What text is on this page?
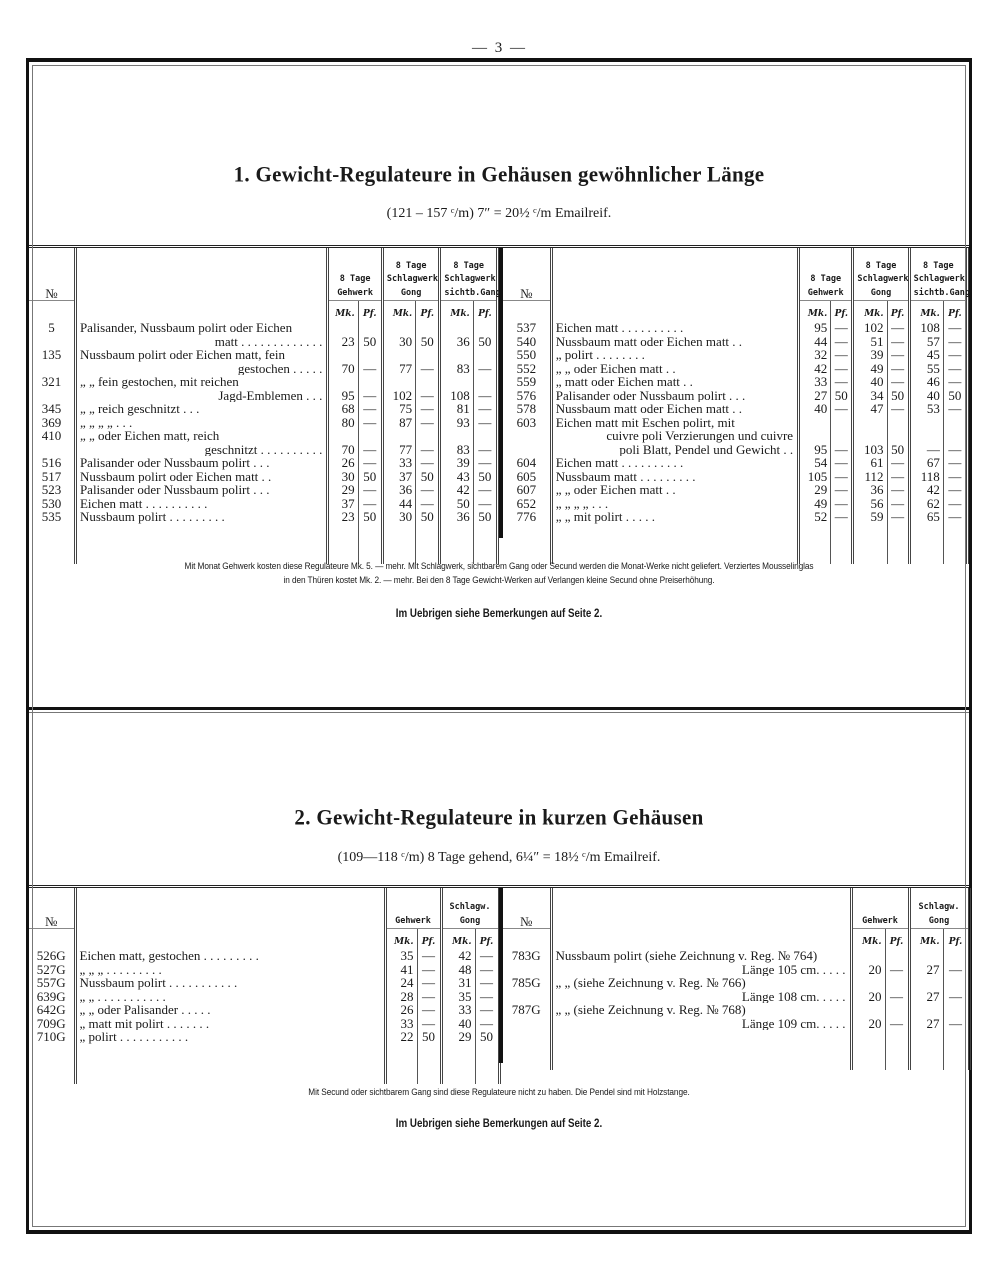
— 3 —
1. Gewicht-Regulateure in Gehäusen gewöhnlicher Länge
(121 – 157 ᶜ/m) 7″ = 20½ ᶜ/m Emailreif.
№		8 Tage Gehwerk		8 Tage Schlagwerk Gong		8 Tage Schlagwerk sichtb.Gang	
		Mk.	Pf.	Mk.	Pf.	Mk.	Pf.
5	Palisander, Nussbaum polirt oder Eichen						
	matt . . . . . . . . . . . . .	23	50	30	50	36	50
135	Nussbaum polirt oder Eichen matt, fein						
	gestochen . . . . .	70	—	77	—	83	—
321	„ „ fein gestochen, mit reichen						
	Jagd-Emblemen . . .	95	—	102	—	108	—
345	„ „ reich geschnitzt . . .	68	—	75	—	81	—
369	„ „ „ „ . . .	80	—	87	—	93	—
410	„ „ oder Eichen matt, reich						
	geschnitzt . . . . . . . . . .	70	—	77	—	83	—
516	Palisander oder Nussbaum polirt . . .	26	—	33	—	39	—
517	Nussbaum polirt oder Eichen matt . .	30	50	37	50	43	50
523	Palisander oder Nussbaum polirt . . .	29	—	36	—	42	—
530	Eichen matt . . . . . . . . . .	37	—	44	—	50	—
535	Nussbaum polirt . . . . . . . . .	23	50	30	50	36	50

№		8 Tage Gehwerk		8 Tage Schlagwerk Gong		8 Tage Schlagwerk sichtb.Gang	
		Mk.	Pf.	Mk.	Pf.	Mk.	Pf.
537	Eichen matt . . . . . . . . . .	95	—	102	—	108	—
540	Nussbaum matt oder Eichen matt . .	44	—	51	—	57	—
550	„ polirt . . . . . . . .	32	—	39	—	45	—
552	„ „ oder Eichen matt . .	42	—	49	—	55	—
559	„ matt oder Eichen matt . .	33	—	40	—	46	—
576	Palisander oder Nussbaum polirt . . .	27	50	34	50	40	50
578	Nussbaum matt oder Eichen matt . .	40	—	47	—	53	—
603	Eichen matt mit Eschen polirt, mit						
	cuivre poli Verzierungen und cuivre						
	poli Blatt, Pendel und Gewicht . .	95	—	103	50	—	—
604	Eichen matt . . . . . . . . . .	54	—	61	—	67	—
605	Nussbaum matt . . . . . . . . .	105	—	112	—	118	—
607	„ „ oder Eichen matt . .	29	—	36	—	42	—
652	„ „ „ „ . . .	49	—	56	—	62	—
776	„ „ mit polirt . . . . .	52	—	59	—	65	—

Mit Monat Gehwerk kosten diese Regulateure Mk. 5. — mehr. Mit Schlagwerk, sichtbarem Gang oder Secund werden die Monat-Werke nicht geliefert. Verziertes Mousselinglas
in den Thüren kostet Mk. 2. — mehr. Bei den 8 Tage Gewicht-Werken auf Verlangen kleine Secund ohne Preiserhöhung.
Im Uebrigen siehe Bemerkungen auf Seite 2.
2. Gewicht-Regulateure in kurzen Gehäusen
(109—118 ᶜ/m) 8 Tage gehend, 6¼″ = 18½ ᶜ/m Emailreif.
№		Gehwerk		Schlagw. Gong	
		Mk.	Pf.	Mk.	Pf.
526G	Eichen matt, gestochen . . . . . . . . .	35	—	42	—
527G	„ „ „ . . . . . . . . .	41	—	48	—
557G	Nussbaum polirt . . . . . . . . . . .	24	—	31	—
639G	„ „ . . . . . . . . . . .	28	—	35	—
642G	„ „ oder Palisander . . . . .	26	—	33	—
709G	„ matt mit polirt . . . . . . .	33	—	40	—
710G	„ polirt . . . . . . . . . . .	22	50	29	50

№		Gehwerk		Schlagw. Gong	
		Mk.	Pf.	Mk.	Pf.
783G	Nussbaum polirt (siehe Zeichnung v. Reg. № 764)				
	Länge 105 cm. . . . .	20	—	27	—
785G	„ „ (siehe Zeichnung v. Reg. № 766)				
	Länge 108 cm. . . . .	20	—	27	—
787G	„ „ (siehe Zeichnung v. Reg. № 768)				
	Länge 109 cm. . . . .	20	—	27	—

Mit Secund oder sichtbarem Gang sind diese Regulateure nicht zu haben. Die Pendel sind mit Holzstange.
Im Uebrigen siehe Bemerkungen auf Seite 2.
